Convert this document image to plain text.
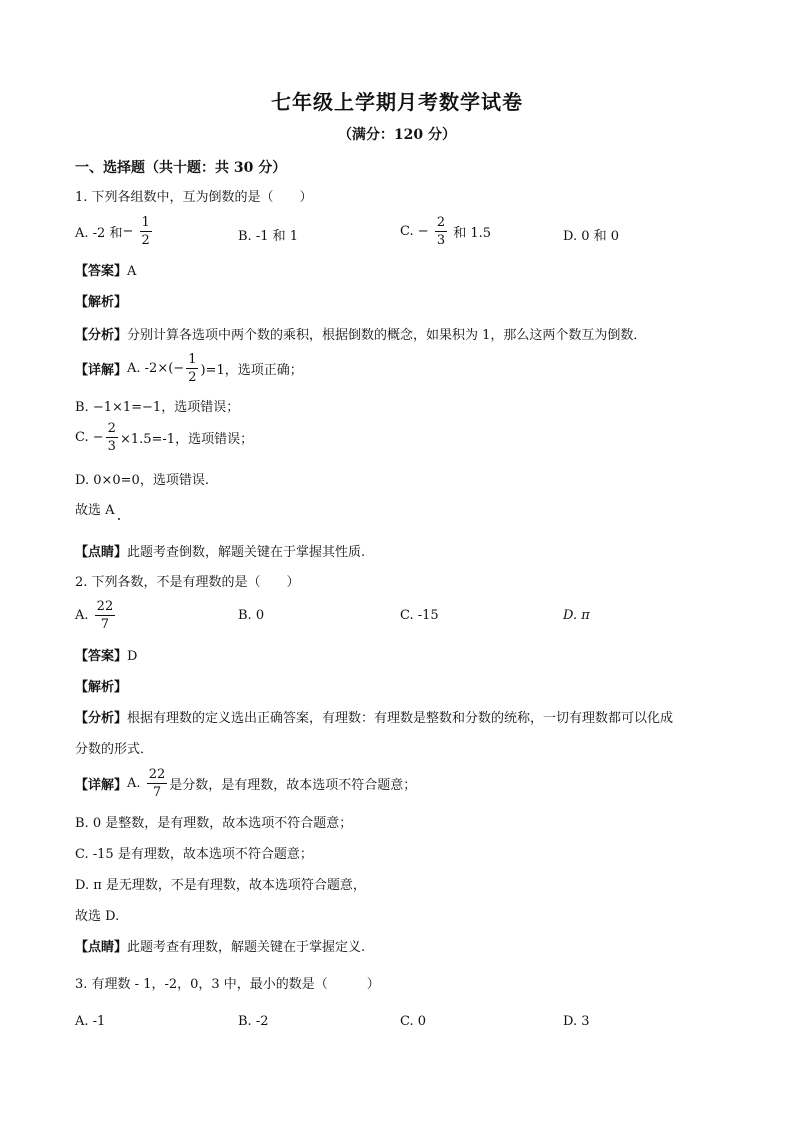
七年级上学期月考数学试卷
（满分：120 分）
一、选择题（共十题：共 30 分）
1. 下列各组数中，互为倒数的是（　　）
A. -2 和− $\frac{1}{2}$	B. -1 和 1	C. − $\frac{2}{3}$ 和 1.5	D. 0 和 0
【答案】A
【解析】
【分析】分别计算各选项中两个数的乘积，根据倒数的概念，如果积为 1，那么这两个数互为倒数．
【详解】A. $-2\times(- \frac{1}{2} )=1$，选项正确；
B. −1×1=−1，选项错误；
C. − $\frac{2}{3} \times 1.5=-1$，选项错误；
D. 0×0=0，选项错误.
故选 A
【点睛】此题考查倒数，解题关键在于掌握其性质.
2. 下列各数，不是有理数的是（　　）
A. $\frac{22}{7}$	B. 0	C. -15	D. π
【答案】D
【解析】
【分析】根据有理数的定义选出正确答案，有理数：有理数是整数和分数的统称，一切有理数都可以化成
分数的形式．
【详解】A. $\frac{22}{7}$ 是分数，是有理数，故本选项不符合题意；
B. 0 是整数，是有理数，故本选项不符合题意；
C. -15 是有理数，故本选项不符合题意；
D. π 是无理数，不是有理数，故本选项符合题意，
故选 D.
【点睛】此题考查有理数，解题关键在于掌握定义.
3. 有理数 - 1，-2，0，3 中，最小的数是（　　　）
A. -1	B. -2	C. 0	D. 3
